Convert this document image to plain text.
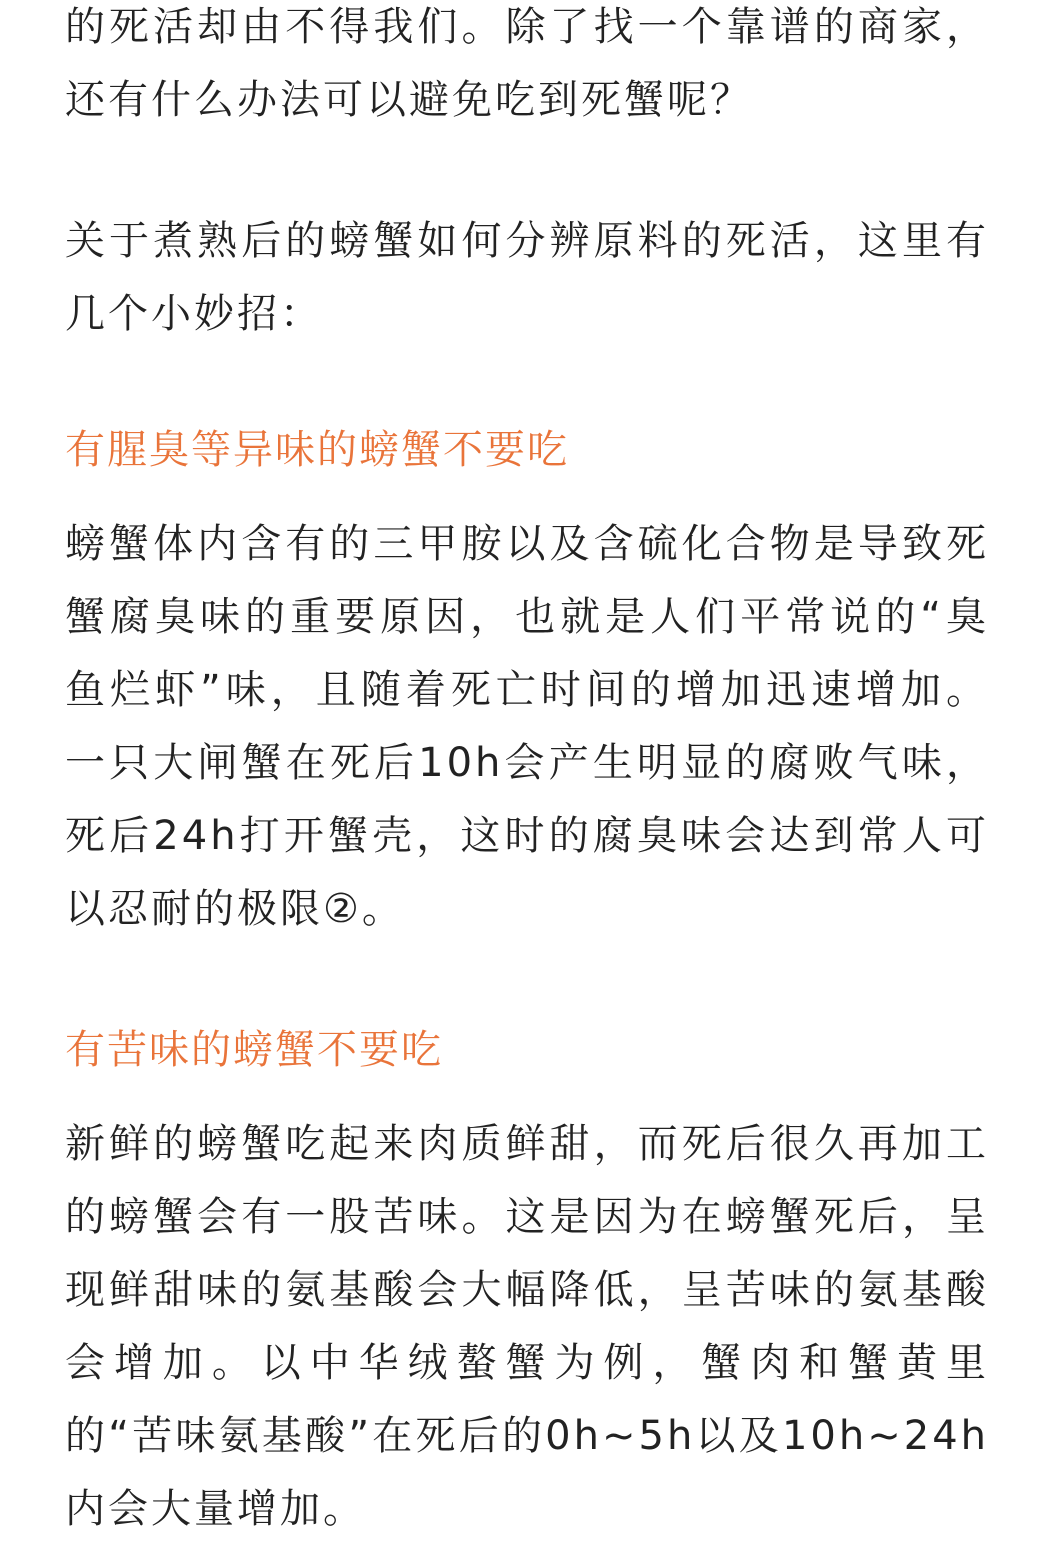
的死活却由不得我们。除了找一个靠谱的商家，还有什么办法可以避免吃到死蟹呢？

关于煮熟后的螃蟹如何分辨原料的死活，这里有几个小妙招：

有腥臭等异味的螃蟹不要吃

螃蟹体内含有的三甲胺以及含硫化合物是导致死蟹腐臭味的重要原因，也就是人们平常说的“臭鱼烂虾”味，且随着死亡时间的增加迅速增加。一只大闸蟹在死后10h会产生明显的腐败气味，死后24h打开蟹壳，这时的腐臭味会达到常人可以忍耐的极限②。

有苦味的螃蟹不要吃

新鲜的螃蟹吃起来肉质鲜甜，而死后很久再加工的螃蟹会有一股苦味。这是因为在螃蟹死后，呈现鲜甜味的氨基酸会大幅降低，呈苦味的氨基酸会增加。以中华绒螯蟹为例，蟹肉和蟹黄里的“苦味氨基酸”在死后的0h~5h以及10h~24h内会大量增加。
